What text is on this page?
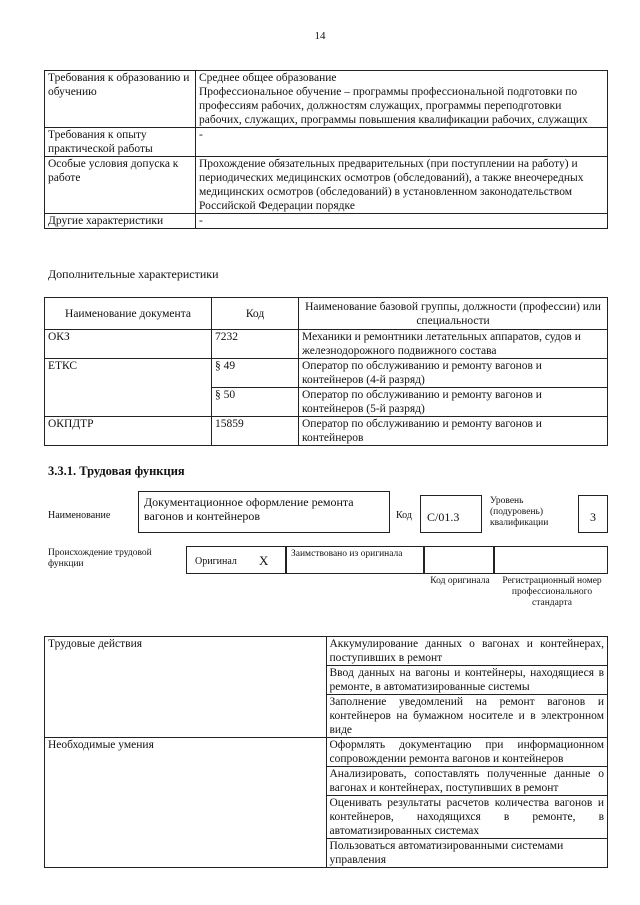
14
Требования к образованию и обучению	Среднее общее образование
Профессиональное обучение – программы профессиональной подготовки по профессиям рабочих, должностям служащих, программы переподготовки рабочих, служащих, программы повышения квалификации рабочих, служащих

Требования к опыту практической работы	-
Особые условия допуска к работе	Прохождение обязательных предварительных (при поступлении на работу) и периодических медицинских осмотров (обследований), а также внеочередных медицинских осмотров (обследований) в установленном законодательством Российской Федерации порядке
Другие характеристики	-
Дополнительные характеристики
Наименование документа	Код	Наименование базовой группы, должности (профессии) или специальности
ОКЗ	7232	Механики и ремонтники летательных аппаратов, судов и железнодорожного подвижного состава
ЕТКС	§ 49	Оператор по обслуживанию и ремонту вагонов и контейнеров (4-й разряд)
	§ 50	Оператор по обслуживанию и ремонту вагонов и контейнеров (5-й разряд)
ОКПДТР	15859	Оператор по обслуживанию и ремонту вагонов и контейнеров
3.3.1. Трудовая функция
Наименование
Документационное оформление ремонта вагонов и контейнеров	Код	С/01.3
Уровень (подуровень) квалификации	3
Происхождение трудовой функции	Оригинал X	Заимствовано из оригинала
Код оригинала	Регистрационный номер профессионального стандарта
Трудовые действия	Аккумулирование данных о вагонах и контейнерах, поступивших в ремонт
	Ввод данных на вагоны и контейнеры, находящиеся в ремонте, в автоматизированные системы
	Заполнение уведомлений на ремонт вагонов и контейнеров на бумажном носителе и в электронном виде
Необходимые умения	Оформлять документацию при информационном сопровождении ремонта вагонов и контейнеров
	Анализировать, сопоставлять полученные данные о вагонах и контейнерах, поступивших в ремонт
	Оценивать результаты расчетов количества вагонов и контейнеров, находящихся в ремонте, в автоматизированных системах
	Пользоваться автоматизированными системами управления
